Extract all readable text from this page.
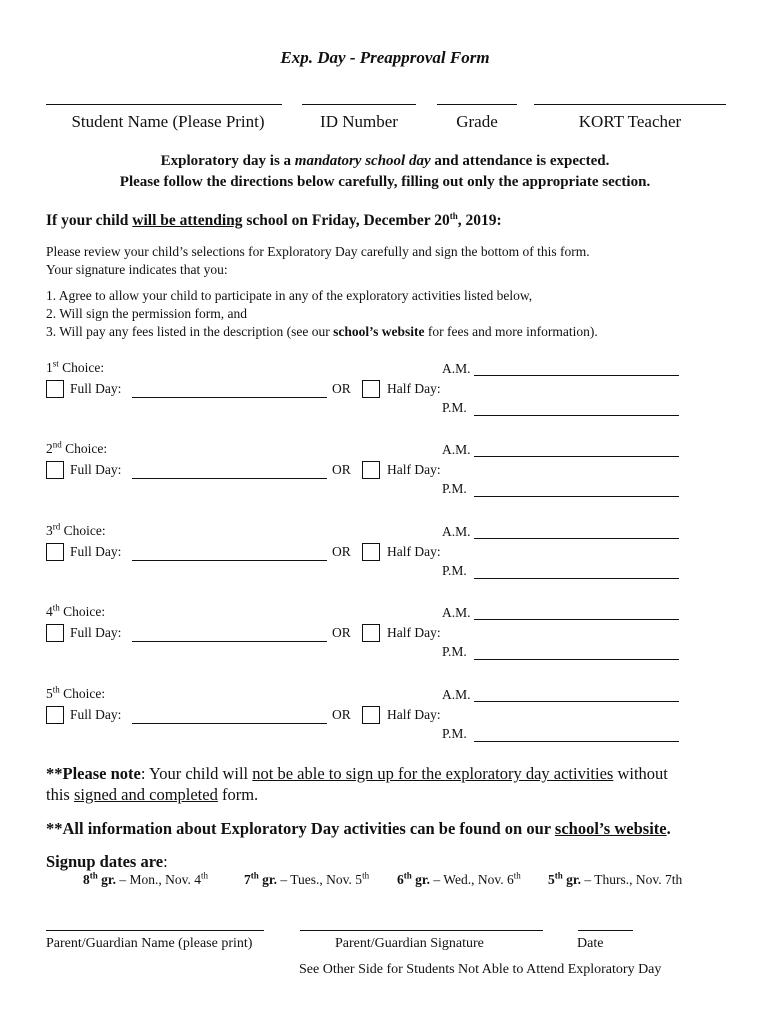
Exp. Day - Preapproval Form
Student Name (Please Print)	ID Number	Grade	KORT Teacher
Exploratory day is a mandatory school day and attendance is expected.
Please follow the directions below carefully, filling out only the appropriate section.
If your child will be attending school on Friday, December 20th, 2019:
Please review your child’s selections for Exploratory Day carefully and sign the bottom of this form.
Your signature indicates that you:
1. Agree to allow your child to participate in any of the exploratory activities listed below,
2. Will sign the permission form, and
3. Will pay any fees listed in the description (see our school’s website for fees and more information).
1st Choice:
Full Day:	OR	Half Day:
A.M.
P.M.
2nd Choice:
Full Day:	OR	Half Day:
A.M.
P.M.
3rd Choice:
Full Day:	OR	Half Day:
A.M.
P.M.
4th Choice:
Full Day:	OR	Half Day:
A.M.
P.M.
5th Choice:
Full Day:	OR	Half Day:
A.M.
P.M.
**Please note: Your child will not be able to sign up for the exploratory day activities without
this signed and completed form.
**All information about Exploratory Day activities can be found on our school’s website.
Signup dates are:
8th gr. – Mon., Nov. 4th	7th gr. – Tues., Nov. 5th 6th gr. – Wed., Nov. 6th 5th gr. – Thurs., Nov. 7th
Parent/Guardian Name (please print)	Parent/Guardian Signature	Date
See Other Side for Students Not Able to Attend Exploratory Day
